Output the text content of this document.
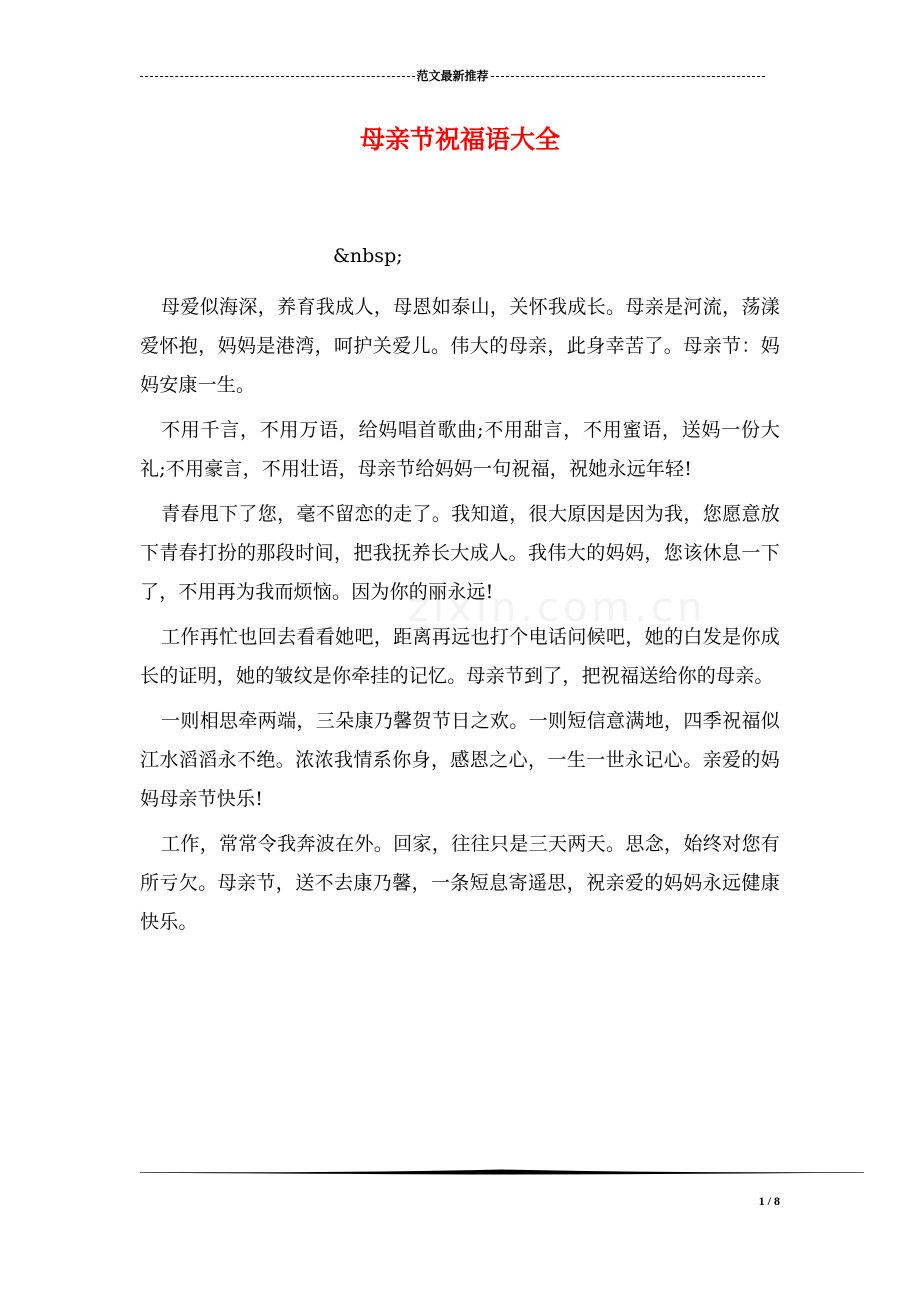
范文最新推荐
母亲节祝福语大全

&nbsp;

zixin.com.cn

母爱似海深，养育我成人，母恩如泰山，关怀我成长。母亲是河流，荡漾爱怀抱，妈妈是港湾，呵护关爱儿。伟大的母亲，此身幸苦了。母亲节：妈妈安康一生。

不用千言，不用万语，给妈唱首歌曲;不用甜言，不用蜜语，送妈一份大礼;不用豪言，不用壮语，母亲节给妈妈一句祝福，祝她永远年轻!

青春甩下了您，毫不留恋的走了。我知道，很大原因是因为我，您愿意放下青春打扮的那段时间，把我抚养长大成人。我伟大的妈妈，您该休息一下了，不用再为我而烦恼。因为你的丽永远!

工作再忙也回去看看她吧，距离再远也打个电话问候吧，她的白发是你成长的证明，她的皱纹是你牵挂的记忆。母亲节到了，把祝福送给你的母亲。

一则相思牵两端，三朵康乃馨贺节日之欢。一则短信意满地，四季祝福似江水滔滔永不绝。浓浓我情系你身，感恩之心，一生一世永记心。亲爱的妈妈母亲节快乐!

工作，常常令我奔波在外。回家，往往只是三天两天。思念，始终对您有所亏欠。母亲节，送不去康乃馨，一条短息寄遥思，祝亲爱的妈妈永远健康快乐。

1 / 8
